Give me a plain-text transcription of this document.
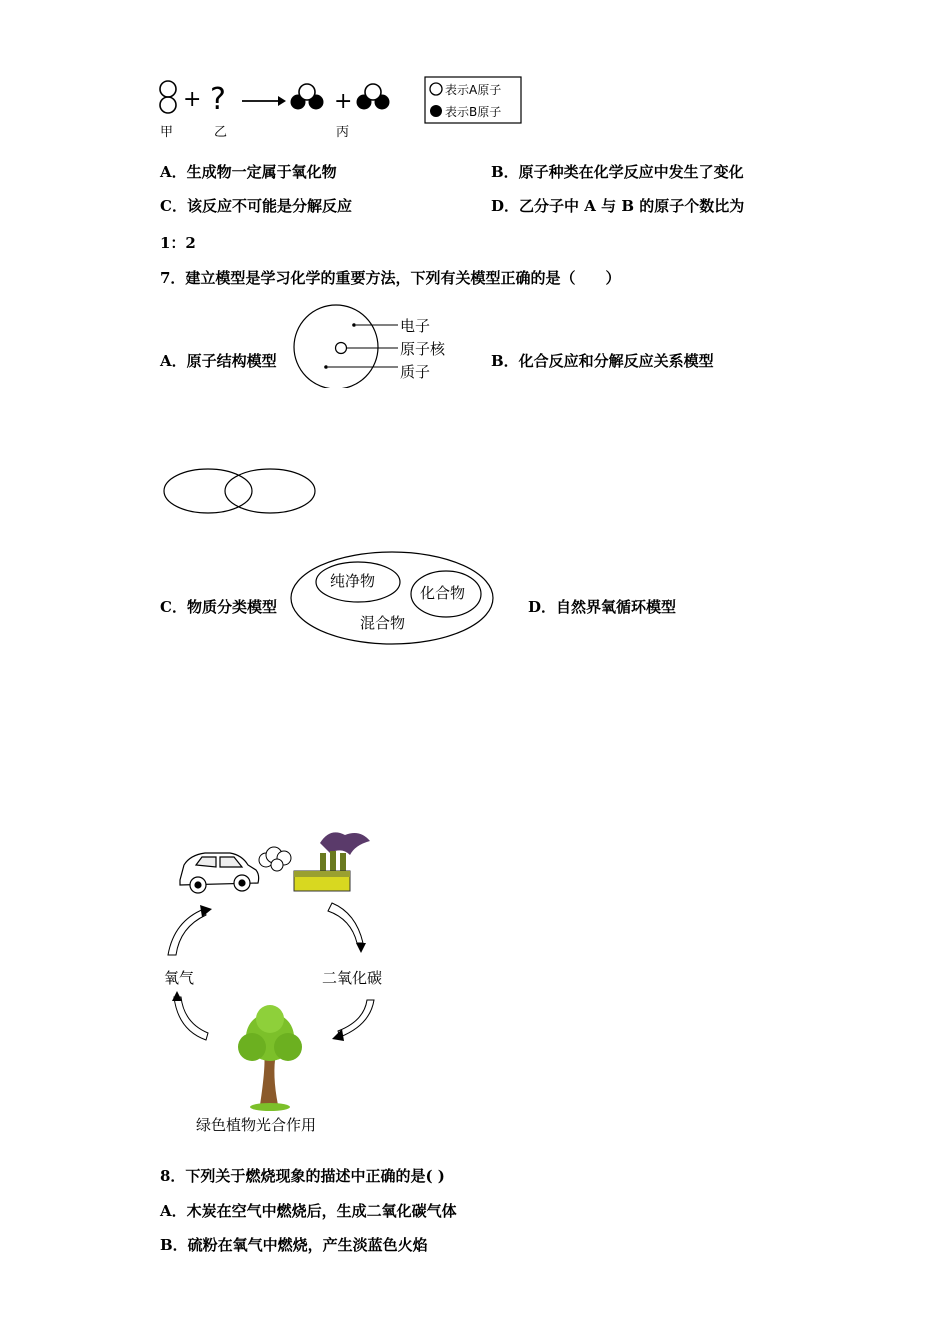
+ ?	+
甲	乙	丙
表示A原子
表示B原子
A．生成物一定属于氧化物	B．原子种类在化学反应中发生了变化
C．该反应不可能是分解反应	D．乙分子中 A 与 B 的原子个数比为
1：2
7．建立模型是学习化学的重要方法，下列有关模型正确的是（　　）
A．原子结构模型
电子
原子核
质子
B．化合反应和分解反应关系模型
C．物质分类模型
纯净物
化合物
混合物
D．自然界氧循环模型
氧气	二氧化碳
绿色植物光合作用
8．下列关于燃烧现象的描述中正确的是( )
A．木炭在空气中燃烧后，生成二氧化碳气体
B．硫粉在氧气中燃烧，产生淡蓝色火焰
